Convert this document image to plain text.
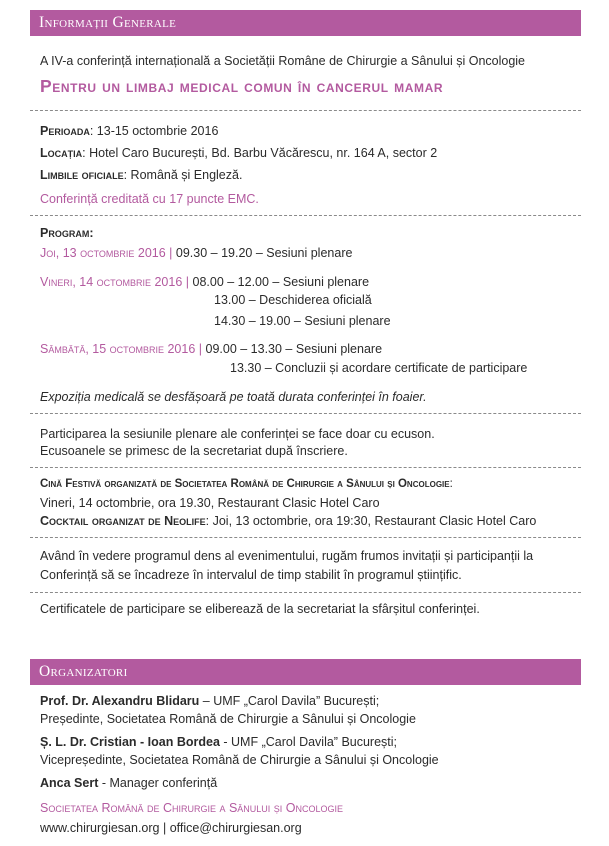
Informații Generale
A IV-a conferință internațională a Societății Române de Chirurgie a Sânului și Oncologie
Pentru un limbaj medical comun în cancerul mamar
Perioada: 13-15 octombrie 2016
Locația: Hotel Caro București, Bd. Barbu Văcărescu, nr. 164 A, sector 2
Limbile oficiale: Română și Engleză.
Conferință creditată cu 17 puncte EMC.
Program:
Joi, 13 octombrie 2016 | 09.30 – 19.20 – Sesiuni plenare
Vineri, 14 octombrie 2016 | 08.00 – 12.00 – Sesiuni plenare
13.00 – Deschiderea oficială
14.30 – 19.00 – Sesiuni plenare
Sâmbătă, 15 octombrie 2016 | 09.00 – 13.30 – Sesiuni plenare
13.30 – Concluzii și acordare certificate de participare
Expoziția medicală se desfășoară pe toată durata conferinței în foaier.
Participarea la sesiunile plenare ale conferinței se face doar cu ecuson.
Ecusoanele se primesc de la secretariat după înscriere.
Cină Festivă organizată de Societatea Română de Chirurgie a Sânului și Oncologie:
Vineri, 14 octombrie, ora 19.30, Restaurant Clasic Hotel Caro
Cocktail organizat de Neolife: Joi, 13 octombrie, ora 19:30, Restaurant Clasic Hotel Caro
Având în vedere programul dens al evenimentului, rugăm frumos invitații și participanții la
Conferință să se încadreze în intervalul de timp stabilit în programul științific.
Certificatele de participare se eliberează de la secretariat la sfârșitul conferinței.
Organizatori
Prof. Dr. Alexandru Blidaru – UMF „Carol Davila” București;
Președinte, Societatea Română de Chirurgie a Sânului și Oncologie
Ș. L. Dr. Cristian - Ioan Bordea - UMF „Carol Davila” București;
Vicepreședinte, Societatea Română de Chirurgie a Sânului și Oncologie
Anca Sert - Manager conferință
Societatea Română de Chirurgie a Sânului și Oncologie
www.chirurgiesan.org | office@chirurgiesan.org
